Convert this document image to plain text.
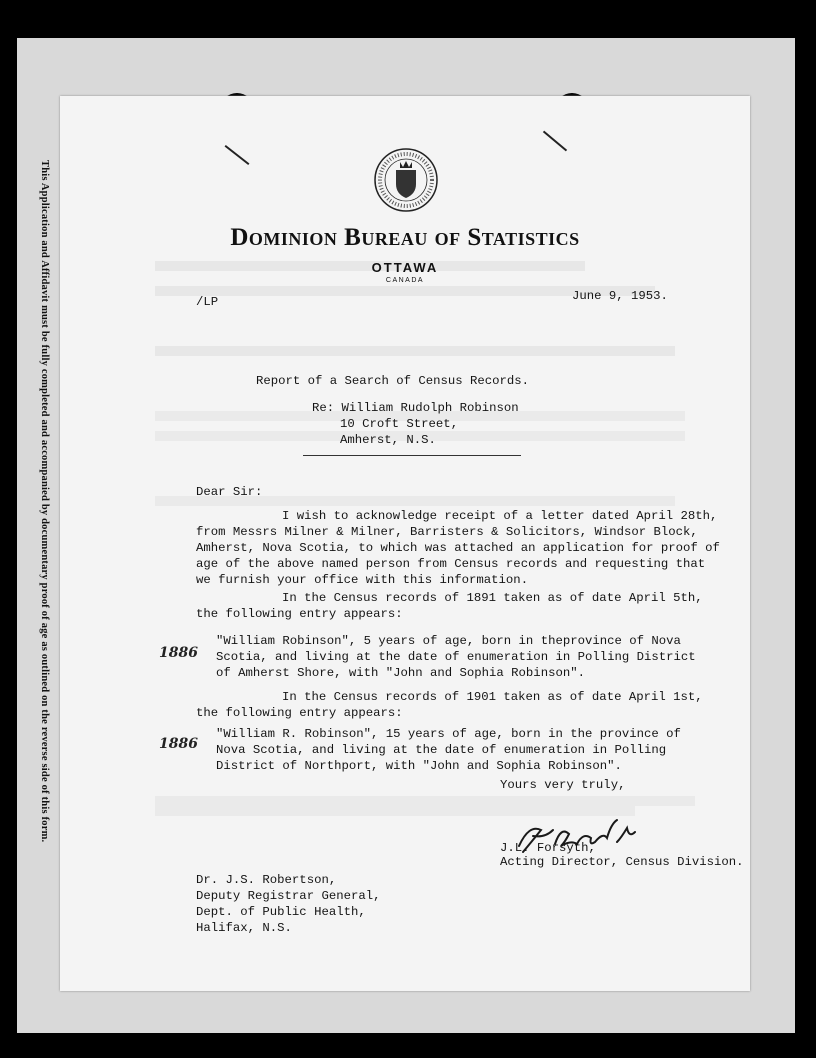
This Application and Affidavit must be fully completed and accompanied by documentary proof of age as outlined on the reverse side of this form.	Dominion Bureau of Statistics
OTTAWA
CANADA
/LP	June 9, 1953.
Report of a Search of Census Records.
Re: William Rudolph Robinson
10 Croft Street,
Amherst, N.S.
Dear Sir:
I wish to acknowledge receipt of a letter dated April 28th,
from Messrs Milner & Milner, Barristers & Solicitors, Windsor Block,
Amherst, Nova Scotia, to which was attached an application for proof of
age of the above named person from Census records and requesting that
we furnish your office with this information.
In the Census records of 1891 taken as of date April 5th,
the following entry appears:
1886
"William Robinson", 5 years of age, born in theprovince of Nova
Scotia, and living at the date of enumeration in Polling District
of Amherst Shore, with "John and Sophia Robinson".
In the Census records of 1901 taken as of date April 1st,
the following entry appears:
1886
"William R. Robinson", 15 years of age, born in the province of
Nova Scotia, and living at the date of enumeration in Polling
District of Northport, with "John and Sophia Robinson".
Yours very truly,
J.L. Forsyth,
Acting Director, Census Division.
Dr. J.S. Robertson,
Deputy Registrar General,
Dept. of Public Health,
Halifax, N.S.
